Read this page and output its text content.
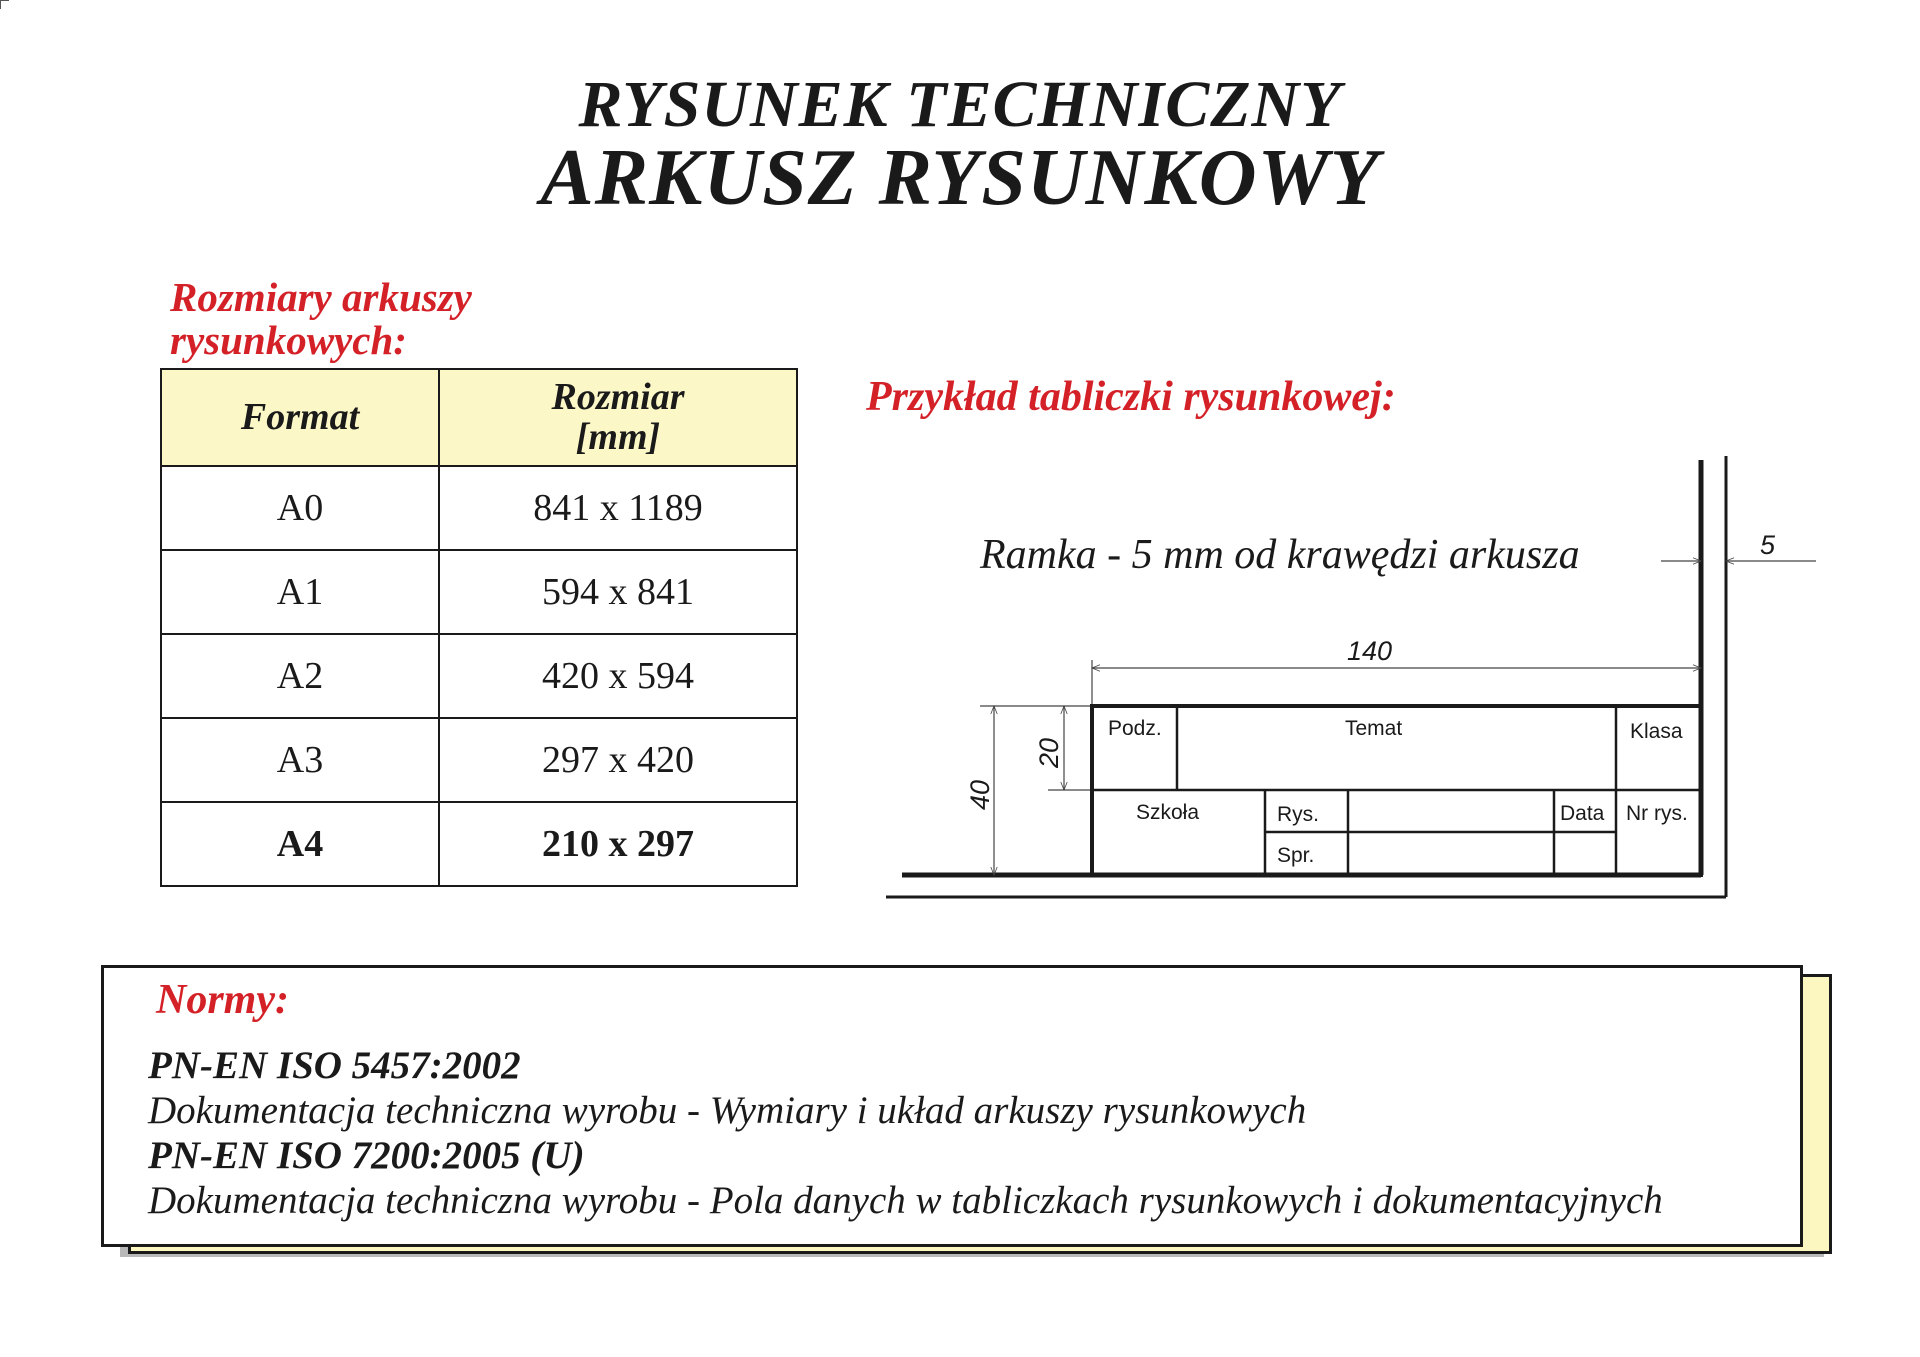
RYSUNEK TECHNICZNY
ARKUSZ RYSUNKOWY
Rozmiary arkuszy
rysunkowych:
Format	Rozmiar
[mm]
A0	841 x 1189
A1	594 x 841
A2	420 x 594
A3	297 x 420
A4	210 x 297
Przykład tabliczki rysunkowej:
Ramka - 5 mm od krawędzi arkusza	5
140
40
20
Podz.	Temat	Klasa
Szkoła	Rys.
Spr.
Data Nr rys.
Normy:
PN-EN ISO 5457:2002
Dokumentacja techniczna wyrobu - Wymiary i układ arkuszy rysunkowych
PN-EN ISO 7200:2005 (U)
Dokumentacja techniczna wyrobu - Pola danych w tabliczkach rysunkowych i dokumentacyjnych
